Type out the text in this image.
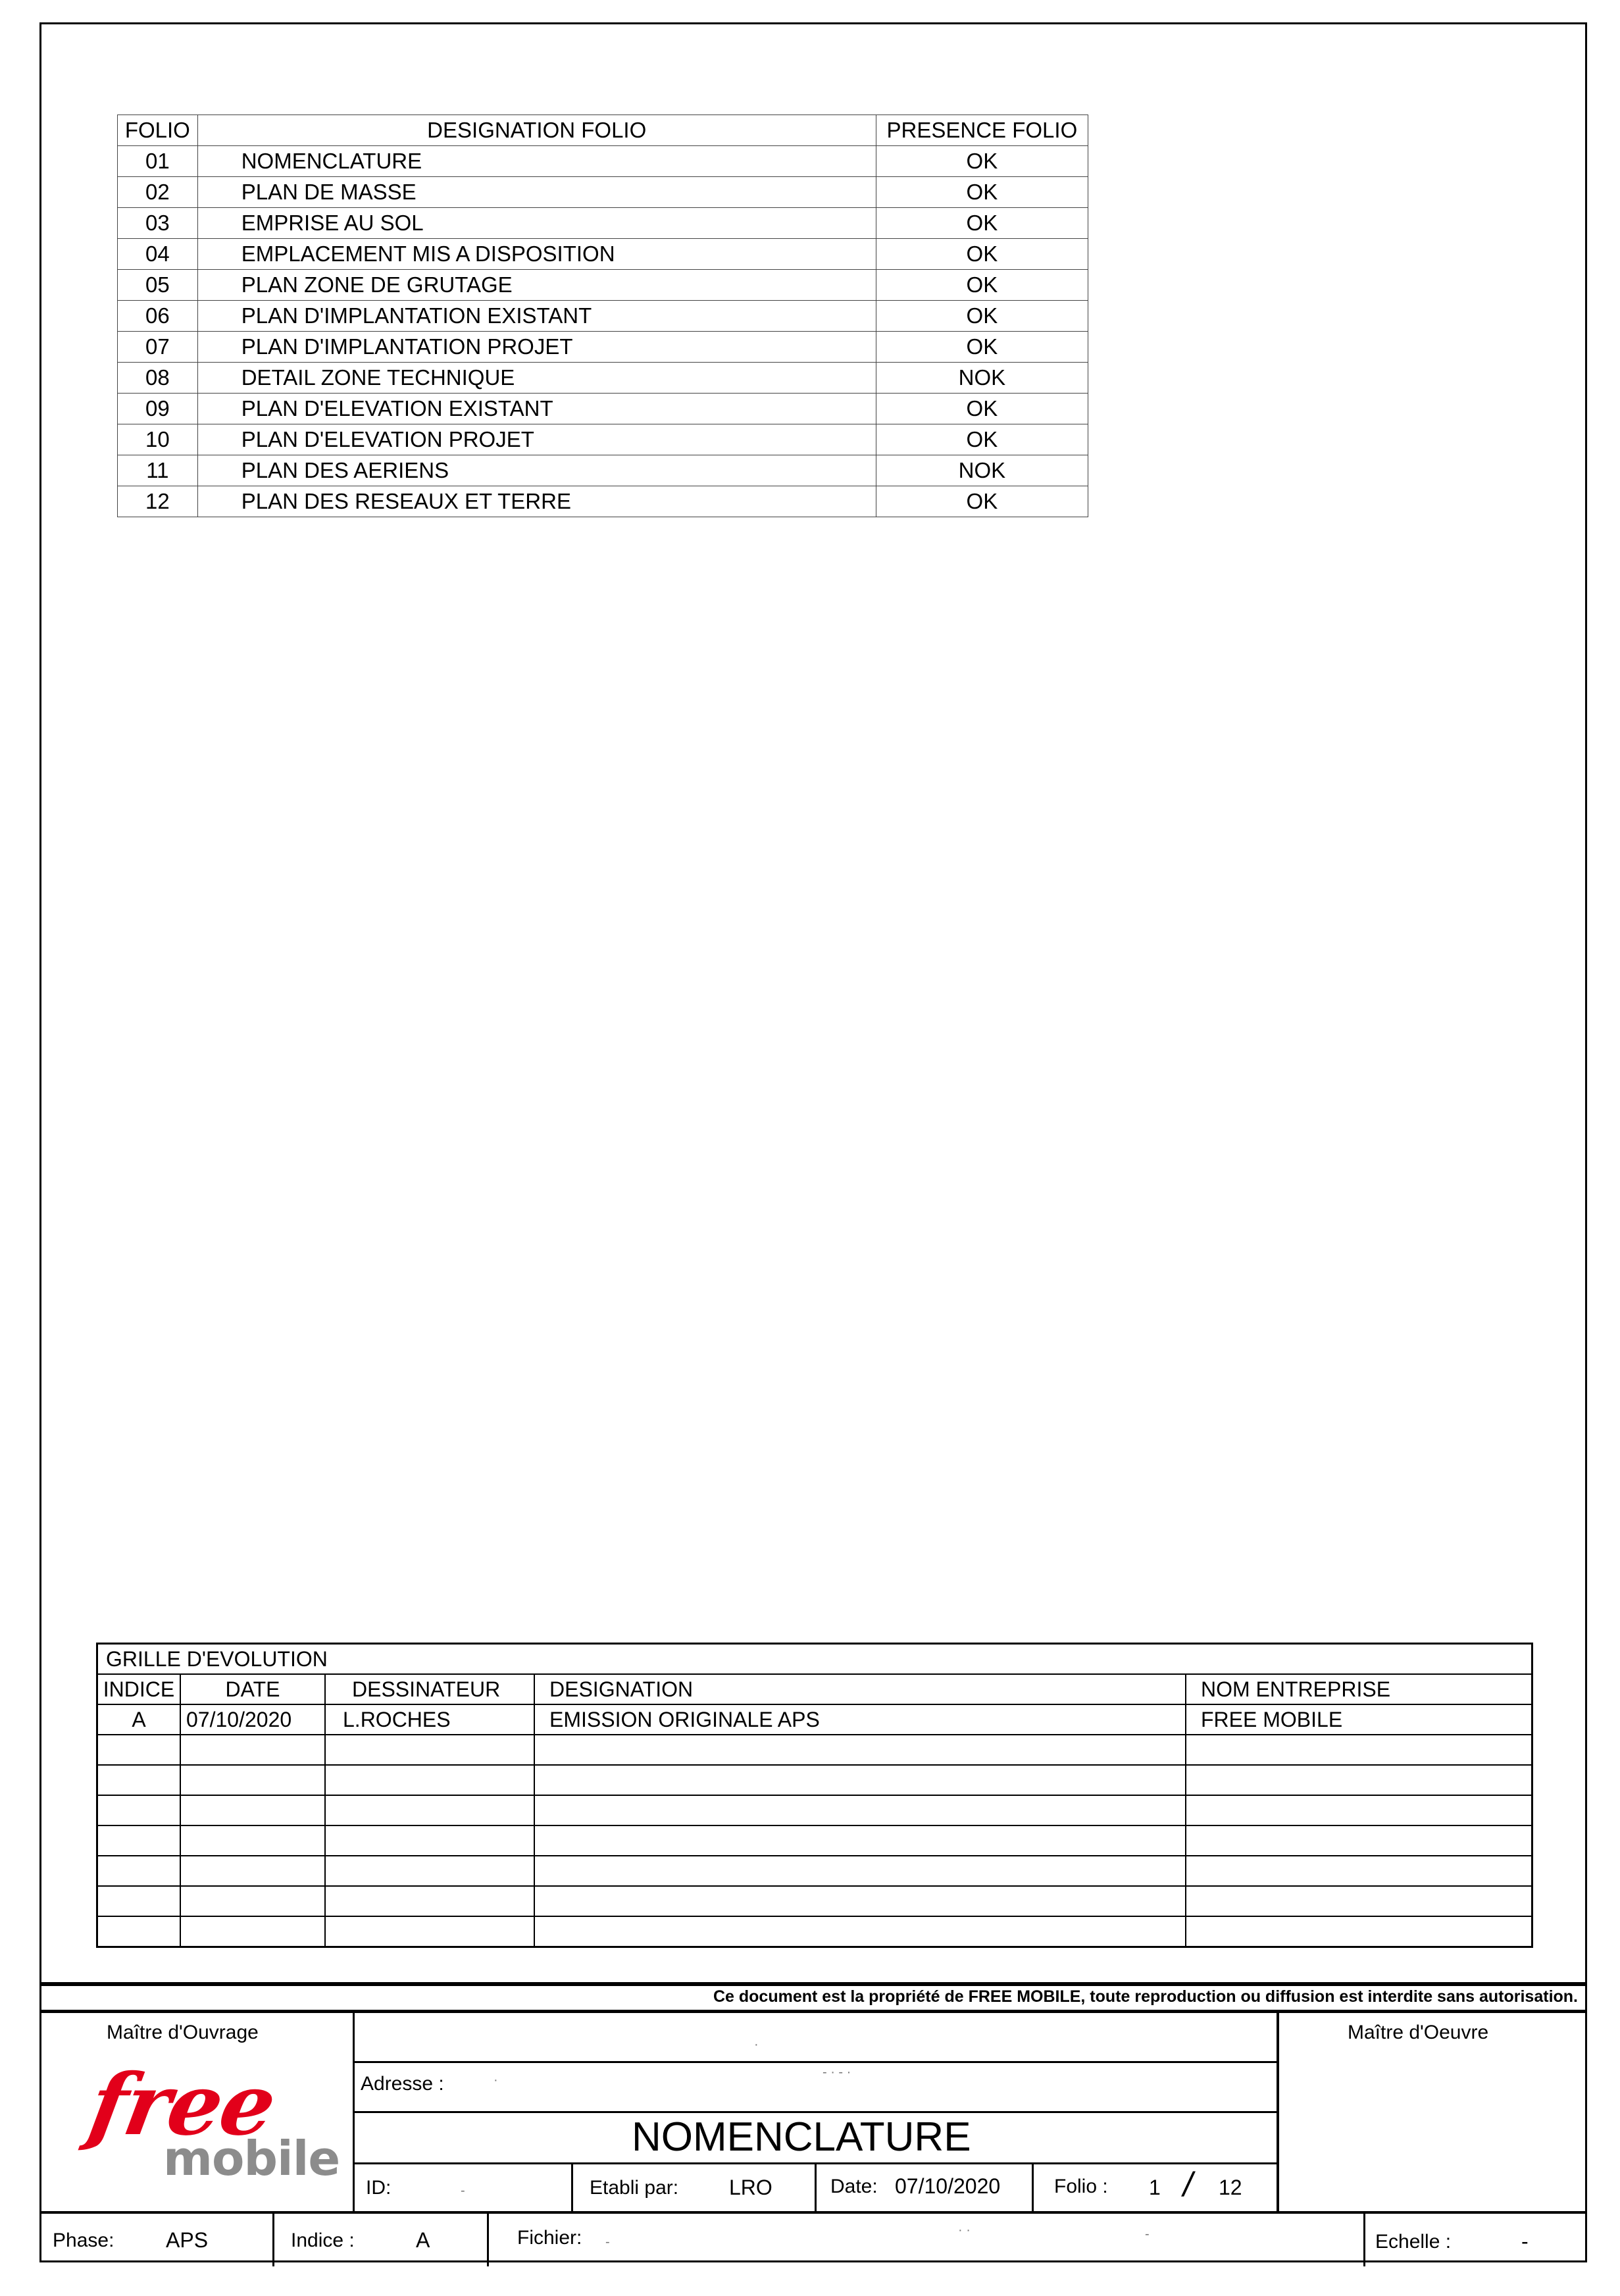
FOLIO	DESIGNATION FOLIO	PRESENCE FOLIO
01	NOMENCLATURE	OK
02	PLAN DE MASSE	OK
03	EMPRISE AU SOL	OK
04	EMPLACEMENT MIS A DISPOSITION	OK
05	PLAN ZONE DE GRUTAGE	OK
06	PLAN D'IMPLANTATION EXISTANT	OK
07	PLAN D'IMPLANTATION PROJET	OK
08	DETAIL ZONE TECHNIQUE	NOK
09	PLAN D'ELEVATION EXISTANT	OK
10	PLAN D'ELEVATION PROJET	OK
11	PLAN DES AERIENS	NOK
12	PLAN DES RESEAUX ET TERRE	OK
GRILLE D'EVOLUTION				
INDICE	DATE	DESSINATEUR	DESIGNATION	NOM ENTREPRISE
A	07/10/2020	L.ROCHES	EMISSION ORIGINALE APS	FREE MOBILE

Ce document est la propriété de FREE MOBILE, toute reproduction ou diffusion est interdite sans autorisation.
Maître d'Ouvrage	Maître d'Oeuvre
free
mobile
Adresse :
NOMENCLATURE
ID:	Etabli par: LRO	Date: 07/10/2020	Folio : 1 / 12
Phase: APS	Indice :	A	Fichier:	Echelle :	-
·
·
- · - ·
-
-
· ·	-
